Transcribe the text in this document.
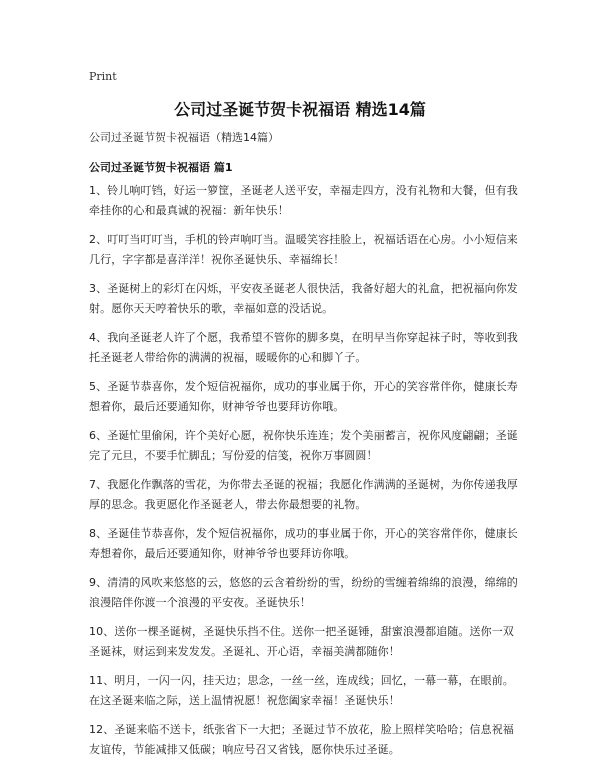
Print
公司过圣诞节贺卡祝福语 精选14篇
公司过圣诞节贺卡祝福语（精选14篇）
公司过圣诞节贺卡祝福语 篇1
1、铃儿响叮铛，好运一箩筐，圣诞老人送平安，幸福走四方，没有礼物和大餐，但有我牵挂你的心和最真诚的祝福：新年快乐！
2、叮叮当叮叮当，手机的铃声响叮当。温暖笑容挂脸上，祝福话语在心房。小小短信来几行，字字都是喜洋洋！祝你圣诞快乐、幸福绵长！
3、圣诞树上的彩灯在闪烁，平安夜圣诞老人很快活，我备好超大的礼盒，把祝福向你发射。愿你天天哼着快乐的歌，幸福如意的没话说。
4、我向圣诞老人许了个愿，我希望不管你的脚多臭，在明早当你穿起袜子时，等收到我托圣诞老人带给你的满满的祝福，暖暖你的心和脚丫子。
5、圣诞节恭喜你，发个短信祝福你，成功的事业属于你，开心的笑容常伴你，健康长寿想着你，最后还要通知你，财神爷爷也要拜访你哦。
6、圣诞忙里偷闲，许个美好心愿，祝你快乐连连；发个美丽蓄言，祝你风度翩翩；圣诞完了元旦，不要手忙脚乱；写份爱的信笺，祝你万事圆圆！
7、我愿化作飘落的雪花，为你带去圣诞的祝福；我愿化作满满的圣诞树，为你传递我厚厚的思念。我更愿化作圣诞老人，带去你最想要的礼物。
8、圣诞佳节恭喜你，发个短信祝福你，成功的事业属于你，开心的笑容常伴你，健康长寿想着你，最后还要通知你，财神爷爷也要拜访你哦。
9、清清的风吹来悠悠的云，悠悠的云含着纷纷的雪，纷纷的雪缠着绵绵的浪漫，绵绵的浪漫陪伴你渡一个浪漫的平安夜。圣诞快乐！
10、送你一棵圣诞树，圣诞快乐挡不住。送你一把圣诞锤，甜蜜浪漫都追随。送你一双圣诞袜，财运到来发发发。圣诞礼、开心语，幸福美满都随你！
11、明月，一闪一闪，挂天边；思念，一丝一丝，连成线；回忆，一幕一幕，在眼前。在这圣诞来临之际，送上温情祝愿！祝您阖家幸福！圣诞快乐！
12、圣诞来临不送卡，纸张省下一大把；圣诞过节不放花，脸上照样笑哈哈；信息祝福友谊传，节能减排又低碳；响应号召又省钱，愿你快乐过圣诞。
